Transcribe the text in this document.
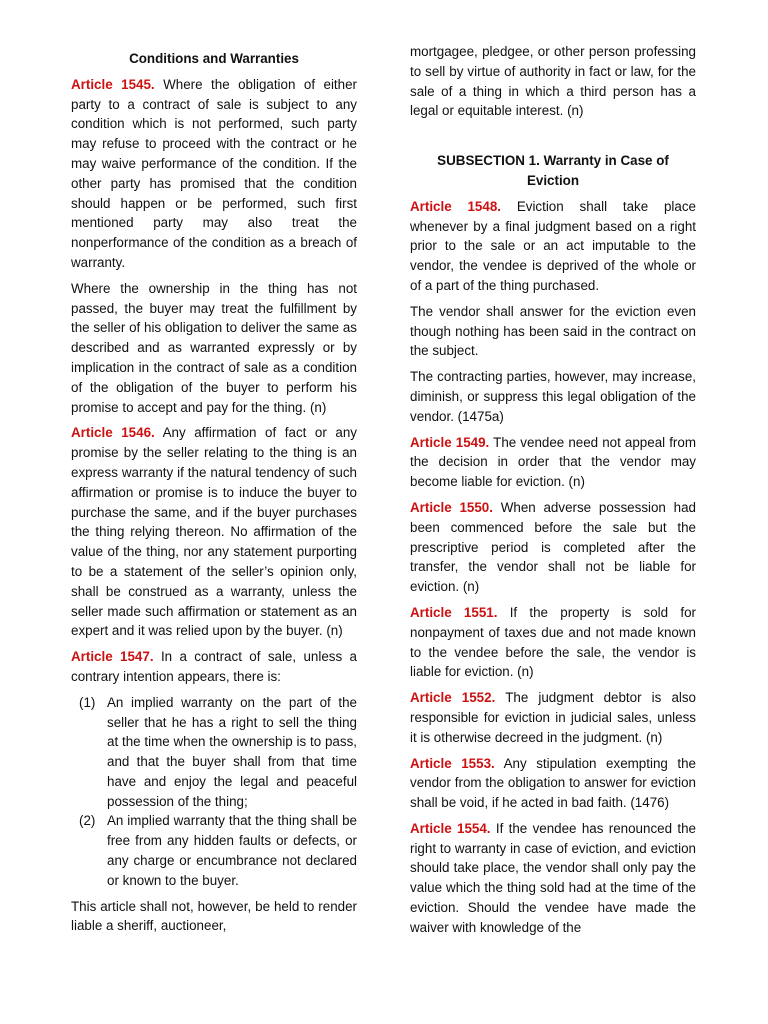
Conditions and Warranties

Article 1545. Where the obligation of either party to a contract of sale is subject to any condition which is not performed, such party may refuse to proceed with the contract or he may waive performance of the condition. If the other party has promised that the condition should happen or be performed, such first mentioned party may also treat the nonperformance of the condition as a breach of warranty.

Where the ownership in the thing has not passed, the buyer may treat the fulfillment by the seller of his obligation to deliver the same as described and as warranted expressly or by implication in the contract of sale as a condition of the obligation of the buyer to perform his promise to accept and pay for the thing. (n)

Article 1546. Any affirmation of fact or any promise by the seller relating to the thing is an express warranty if the natural tendency of such affirmation or promise is to induce the buyer to purchase the same, and if the buyer purchases the thing relying thereon. No affirmation of the value of the thing, nor any statement purporting to be a statement of the seller’s opinion only, shall be construed as a warranty, unless the seller made such affirmation or statement as an expert and it was relied upon by the buyer. (n)

Article 1547. In a contract of sale, unless a contrary intention appears, there is:

(1) An implied warranty on the part of the seller that he has a right to sell the thing at the time when the ownership is to pass, and that the buyer shall from that time have and enjoy the legal and peaceful possession of the thing;
(2) An implied warranty that the thing shall be free from any hidden faults or defects, or any charge or encumbrance not declared or known to the buyer.

This article shall not, however, be held to render liable a sheriff, auctioneer,

mortgagee, pledgee, or other person professing to sell by virtue of authority in fact or law, for the sale of a thing in which a third person has a legal or equitable interest. (n)

SUBSECTION 1. Warranty in Case of Eviction

Article 1548. Eviction shall take place whenever by a final judgment based on a right prior to the sale or an act imputable to the vendor, the vendee is deprived of the whole or of a part of the thing purchased.

The vendor shall answer for the eviction even though nothing has been said in the contract on the subject.

The contracting parties, however, may increase, diminish, or suppress this legal obligation of the vendor. (1475a)

Article 1549. The vendee need not appeal from the decision in order that the vendor may become liable for eviction. (n)

Article 1550. When adverse possession had been commenced before the sale but the prescriptive period is completed after the transfer, the vendor shall not be liable for eviction. (n)

Article 1551. If the property is sold for nonpayment of taxes due and not made known to the vendee before the sale, the vendor is liable for eviction. (n)

Article 1552. The judgment debtor is also responsible for eviction in judicial sales, unless it is otherwise decreed in the judgment. (n)

Article 1553. Any stipulation exempting the vendor from the obligation to answer for eviction shall be void, if he acted in bad faith. (1476)

Article 1554. If the vendee has renounced the right to warranty in case of eviction, and eviction should take place, the vendor shall only pay the value which the thing sold had at the time of the eviction. Should the vendee have made the waiver with knowledge of the
